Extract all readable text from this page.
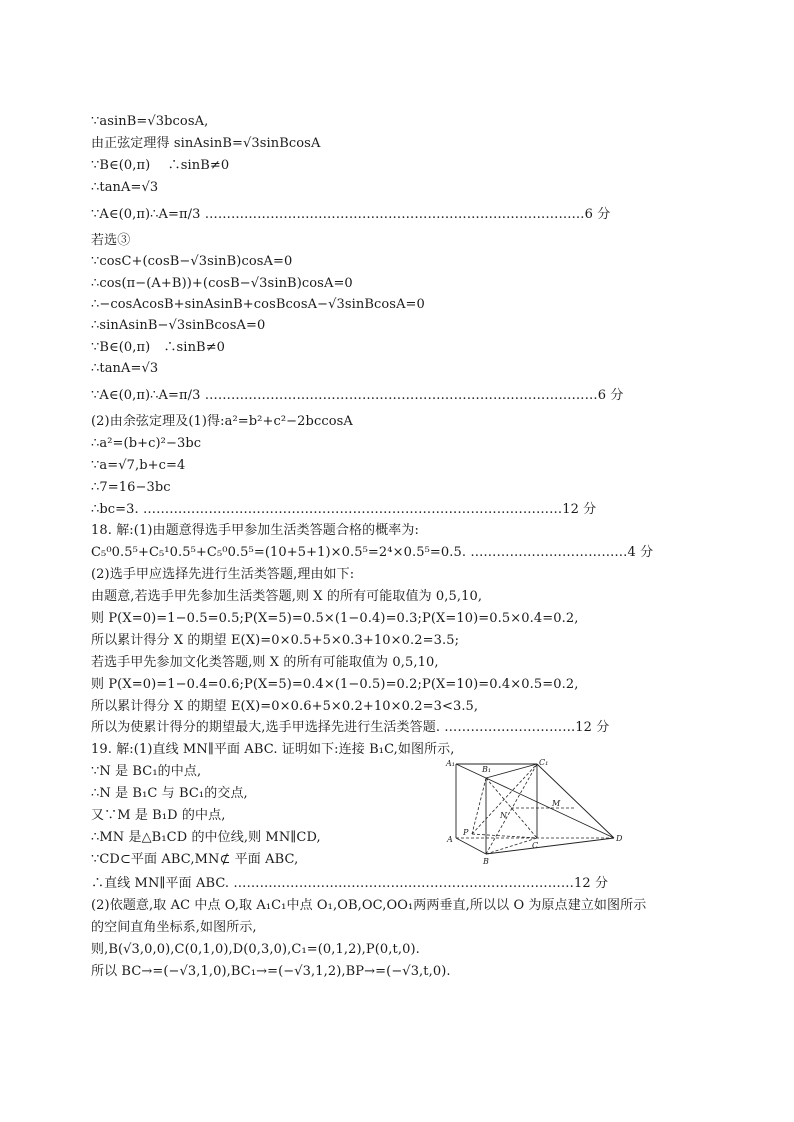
∵asinB=√3bcosA,
由正弦定理得 sinAsinB=√3sinBcosA
∵B∈(0,π)　 ∴sinB≠0
∴tanA=√3
∵A∈(0,π)∴A=π/3 ……………………………………………………………………………6 分
若选③
∵cosC+(cosB−√3sinB)cosA=0
∴cos(π−(A+B))+(cosB−√3sinB)cosA=0
∴−cosAcosB+sinAsinB+cosBcosA−√3sinBcosA=0
∴sinAsinB−√3sinBcosA=0
∵B∈(0,π)　∴sinB≠0
∴tanA=√3
∵A∈(0,π)∴A=π/3 ………………………………………………………………………………6 分
(2)由余弦定理及(1)得:a²=b²+c²−2bccosA
∴a²=(b+c)²−3bc
∵a=√7,b+c=4
∴7=16−3bc
∴bc=3. ……………………………………………………………………………………12 分
18. 解:(1)由题意得选手甲参加生活类答题合格的概率为:
C₅⁰0.5⁵+C₅¹0.5⁵+C₅⁰0.5⁵=(10+5+1)×0.5⁵=2⁴×0.5⁵=0.5. ………………………………4 分
(2)选手甲应选择先进行生活类答题,理由如下:
由题意,若选手甲先参加生活类答题,则 X 的所有可能取值为 0,5,10,
则 P(X=0)=1−0.5=0.5;P(X=5)=0.5×(1−0.4)=0.3;P(X=10)=0.5×0.4=0.2,
所以累计得分 X 的期望 E(X)=0×0.5+5×0.3+10×0.2=3.5;
若选手甲先参加文化类答题,则 X 的所有可能取值为 0,5,10,
则 P(X=0)=1−0.4=0.6;P(X=5)=0.4×(1−0.5)=0.2;P(X=10)=0.4×0.5=0.2,
所以累计得分 X 的期望 E(X)=0×0.6+5×0.2+10×0.2=3<3.5,
所以为使累计得分的期望最大,选手甲选择先进行生活类答题. …………………………12 分
19. 解:(1)直线 MN∥平面 ABC. 证明如下:连接 B₁C,如图所示,
∵N 是 BC₁的中点,
∴N 是 B₁C 与 BC₁的交点,
又∵M 是 B₁D 的中点,
∴MN 是△B₁CD 的中位线,则 MN∥CD,
∵CD⊂平面 ABC,MN⊄ 平面 ABC,
∴直线 MN∥平面 ABC. ……………………………………………………………………12 分
(2)依题意,取 AC 中点 O,取 A₁C₁中点 O₁,OB,OC,OO₁两两垂直,所以以 O 为原点建立如图所示
的空间直角坐标系,如图所示,
则,B(√3,0,0),C(0,1,0),D(0,3,0),C₁=(0,1,2),P(0,t,0).
所以 BC→=(−√3,1,0),BC₁→=(−√3,1,2),BP→=(−√3,t,0).
A₁	C₁
B₁
M
N
P
A
C
D
B
